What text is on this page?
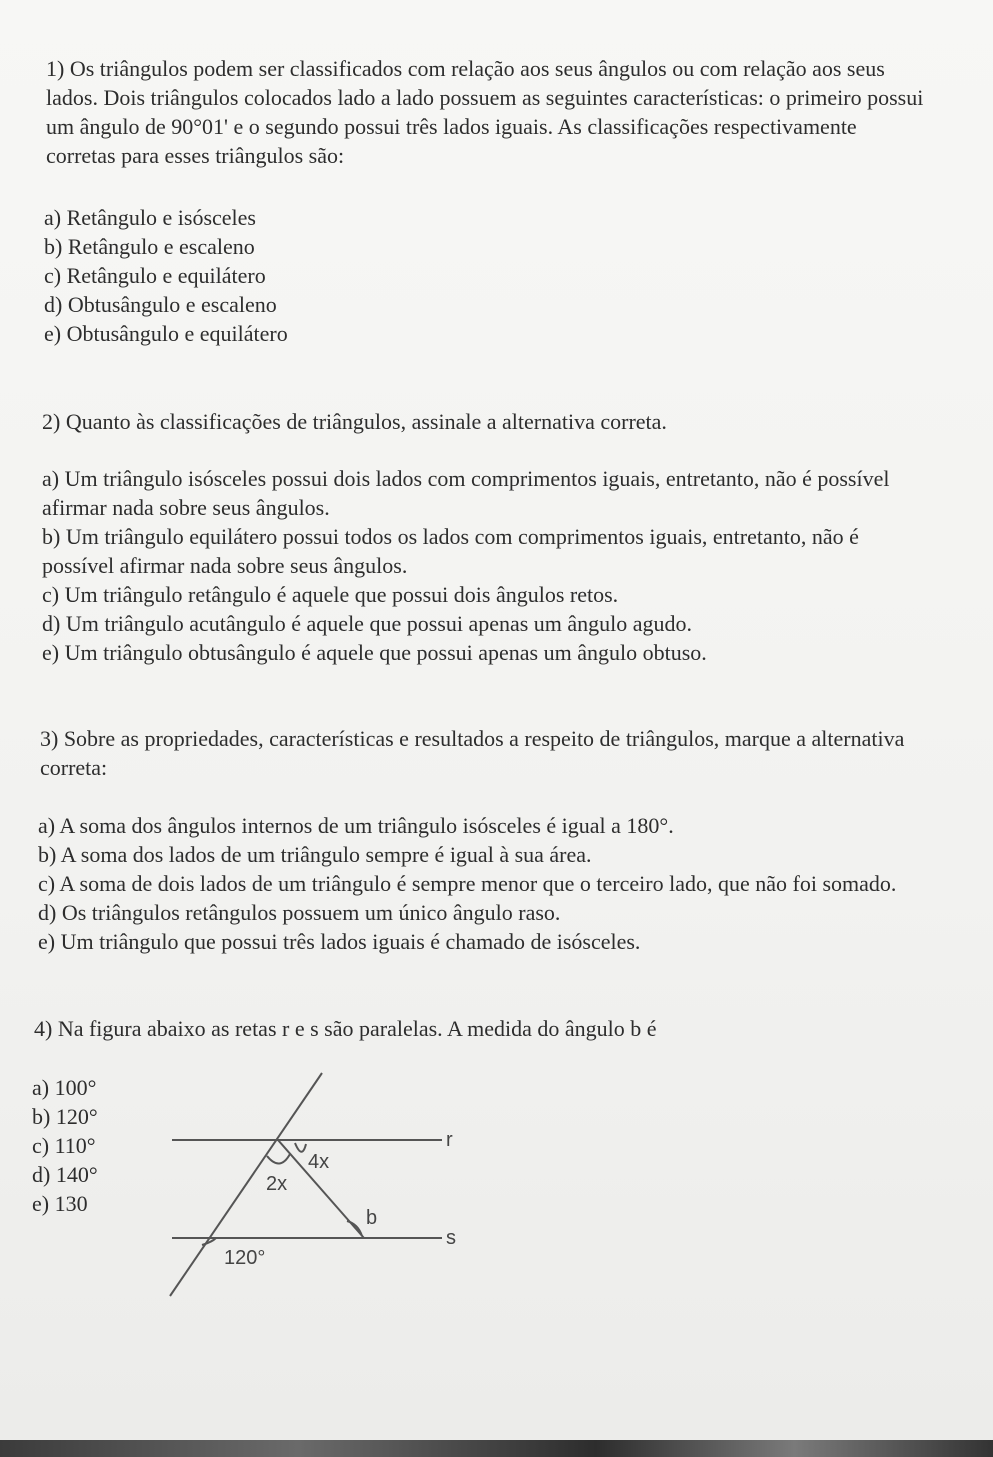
1) Os triângulos podem ser classificados com relação aos seus ângulos ou com relação aos seus lados. Dois triângulos colocados lado a lado possuem as seguintes características: o primeiro possui um ângulo de 90°01' e o segundo possui três lados iguais. As classificações respectivamente corretas para esses triângulos são:

a) Retângulo e isósceles

b) Retângulo e escaleno

c) Retângulo e equilátero

d) Obtusângulo e escaleno

e) Obtusângulo e equilátero

2) Quanto às classificações de triângulos, assinale a alternativa correta.

a) Um triângulo isósceles possui dois lados com comprimentos iguais, entretanto, não é possível afirmar nada sobre seus ângulos.

b) Um triângulo equilátero possui todos os lados com comprimentos iguais, entretanto, não é possível afirmar nada sobre seus ângulos.

c) Um triângulo retângulo é aquele que possui dois ângulos retos.

d) Um triângulo acutângulo é aquele que possui apenas um ângulo agudo.

e) Um triângulo obtusângulo é aquele que possui apenas um ângulo obtuso.

3) Sobre as propriedades, características e resultados a respeito de triângulos, marque a alternativa correta:

a) A soma dos ângulos internos de um triângulo isósceles é igual a 180°.

b) A soma dos lados de um triângulo sempre é igual à sua área.

c) A soma de dois lados de um triângulo é sempre menor que o terceiro lado, que não foi somado.

d) Os triângulos retângulos possuem um único ângulo raso.

e) Um triângulo que possui três lados iguais é chamado de isósceles.

4) Na figura abaixo as retas r e s são paralelas. A medida do ângulo b é

a) 100°

b) 120°

c) 110°

d) 140°

e) 130

r
s
4x
2x
b
120°
